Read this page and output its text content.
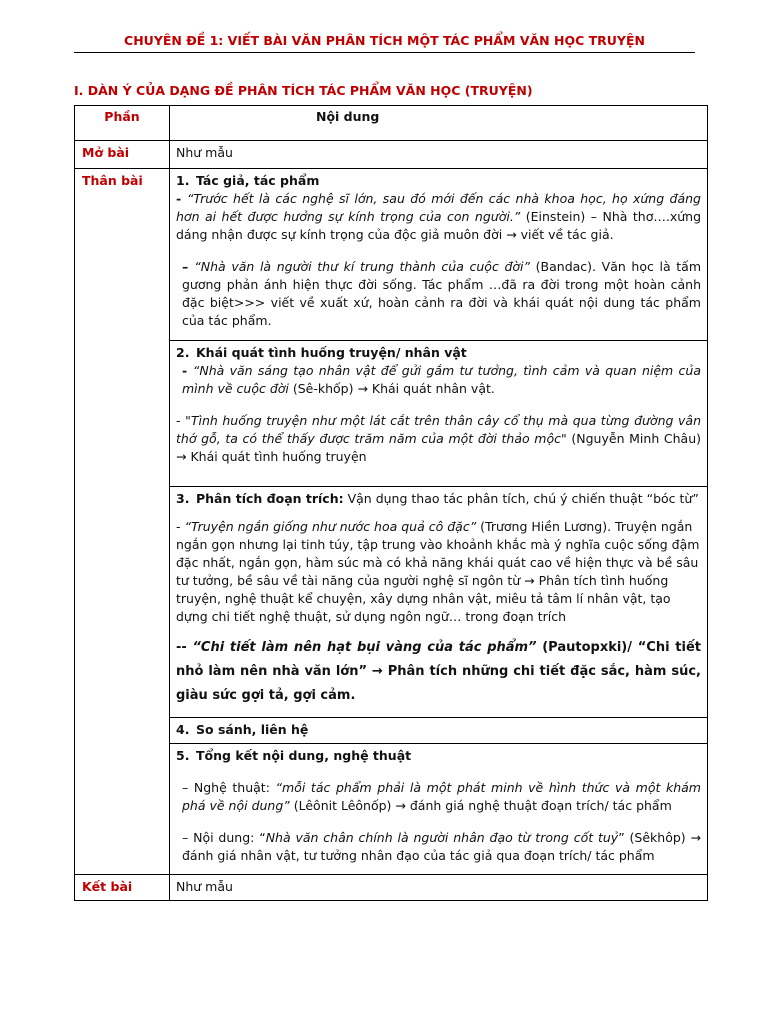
CHUYÊN ĐỀ 1: VIẾT BÀI VĂN PHÂN TÍCH MỘT TÁC PHẨM VĂN HỌC TRUYỆN
I. DÀN Ý CỦA DẠNG ĐỀ PHÂN TÍCH TÁC PHẨM VĂN HỌC (TRUYỆN)
Phần	Nội dung
Mở bài	Như mẫu
Thân bài	1. Tác giả, tác phẩm

- “Trước hết là các nghệ sĩ lớn, sau đó mới đến các nhà khoa học, họ xứng đáng hơn ai hết được hưởng sự kính trọng của con người.” (Einstein) – Nhà thơ….xứng dáng nhận được sự kính trọng của độc giả muôn đời → viết về tác giả.

– “Nhà văn là người thư kí trung thành của cuộc đời” (Bandac). Văn học là tấm gương phản ánh hiện thực đời sống. Tác phẩm …đã ra đời trong một hoàn cảnh đặc biệt>>> viết về xuất xứ, hoàn cảnh ra đời và khái quát nội dung tác phẩm của tác phẩm.

	2. Khái quát tình huống truyện/ nhân vật

- “Nhà văn sáng tạo nhân vật để gửi gắm tư tưởng, tình cảm và quan niệm của mình về cuộc đời (Sê-khốp) → Khái quát nhân vật.

- "Tình huống truyện như một lát cắt trên thân cây cổ thụ mà qua từng đường vân thớ gỗ, ta có thể thấy được trăm năm của một đời thảo mộc" (Nguyễn Minh Châu) → Khái quát tình huống truyện

	3. Phân tích đoạn trích: Vận dụng thao tác phân tích, chú ý chiến thuật “bóc từ”

- “Truyện ngắn giống như nước hoa quả cô đặc” (Trương Hiền Lương). Truyện ngắn ngắn gọn nhưng lại tinh túy, tập trung vào khoảnh khắc mà ý nghĩa cuộc sống đậm đặc nhất, ngắn gọn, hàm súc mà có khả năng khái quát cao về hiện thực và bề sâu tư tưởng, bề sâu về tài năng của người nghệ sĩ ngôn từ → Phân tích tình huống truyện, nghệ thuật kể chuyện, xây dựng nhân vật, miêu tả tâm lí nhân vật, tạo dựng chi tiết nghệ thuật, sử dụng ngôn ngữ… trong đoạn trích

-- “Chi tiết làm nên hạt bụi vàng của tác phẩm” (Pautopxki)/ “Chi tiết nhỏ làm nên nhà văn lớn” → Phân tích những chi tiết đặc sắc, hàm súc, giàu sức gợi tả, gợi cảm.

	4. So sánh, liên hệ

	5. Tổng kết nội dung, nghệ thuật

– Nghệ thuật: “mỗi tác phẩm phải là một phát minh về hình thức và một khám phá về nội dung” (Lêônit Lêônốp) → đánh giá nghệ thuật đoạn trích/ tác phẩm

– Nội dung: “Nhà văn chân chính là người nhân đạo từ trong cốt tuỷ” (Sêkhôp) → đánh giá nhân vật, tư tưởng nhân đạo của tác giả qua đoạn trích/ tác phẩm

Kết bài	Như mẫu
